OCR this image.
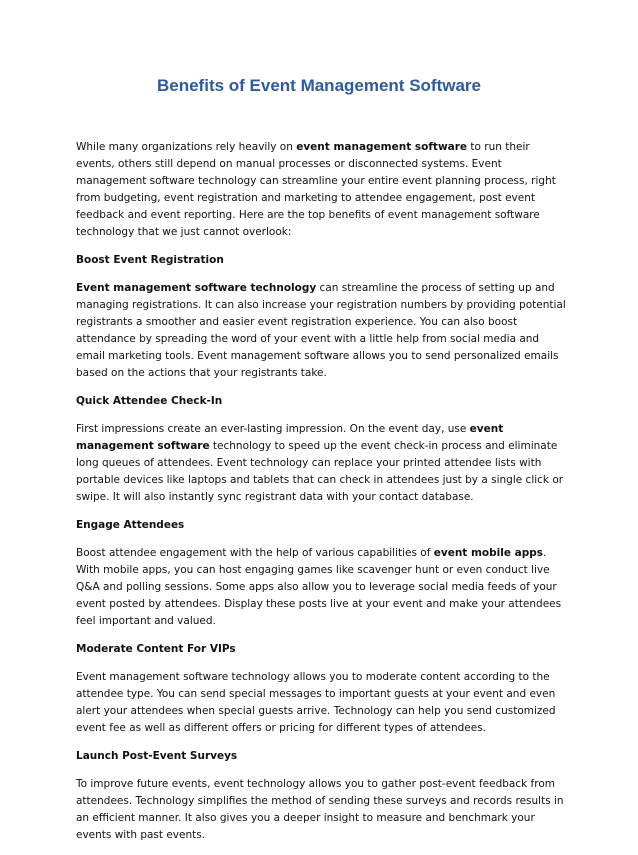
Benefits of Event Management Software

While many organizations rely heavily on event management software to run their events, others still depend on manual processes or disconnected systems. Event management software technology can streamline your entire event planning process, right from budgeting, event registration and marketing to attendee engagement, post event feedback and event reporting. Here are the top benefits of event management software technology that we just cannot overlook:

Boost Event Registration

Event management software technology can streamline the process of setting up and managing registrations. It can also increase your registration numbers by providing potential registrants a smoother and easier event registration experience. You can also boost attendance by spreading the word of your event with a little help from social media and email marketing tools. Event management software allows you to send personalized emails based on the actions that your registrants take.

Quick Attendee Check-In

First impressions create an ever-lasting impression. On the event day, use event management software technology to speed up the event check-in process and eliminate long queues of attendees. Event technology can replace your printed attendee lists with portable devices like laptops and tablets that can check in attendees just by a single click or swipe. It will also instantly sync registrant data with your contact database.

Engage Attendees

Boost attendee engagement with the help of various capabilities of event mobile apps. With mobile apps, you can host engaging games like scavenger hunt or even conduct live Q&A and polling sessions. Some apps also allow you to leverage social media feeds of your event posted by attendees. Display these posts live at your event and make your attendees feel important and valued.

Moderate Content For VIPs

Event management software technology allows you to moderate content according to the attendee type. You can send special messages to important guests at your event and even alert your attendees when special guests arrive. Technology can help you send customized event fee as well as different offers or pricing for different types of attendees.

Launch Post-Event Surveys

To improve future events, event technology allows you to gather post-event feedback from attendees. Technology simplifies the method of sending these surveys and records results in an efficient manner. It also gives you a deeper insight to measure and benchmark your events with past events.
